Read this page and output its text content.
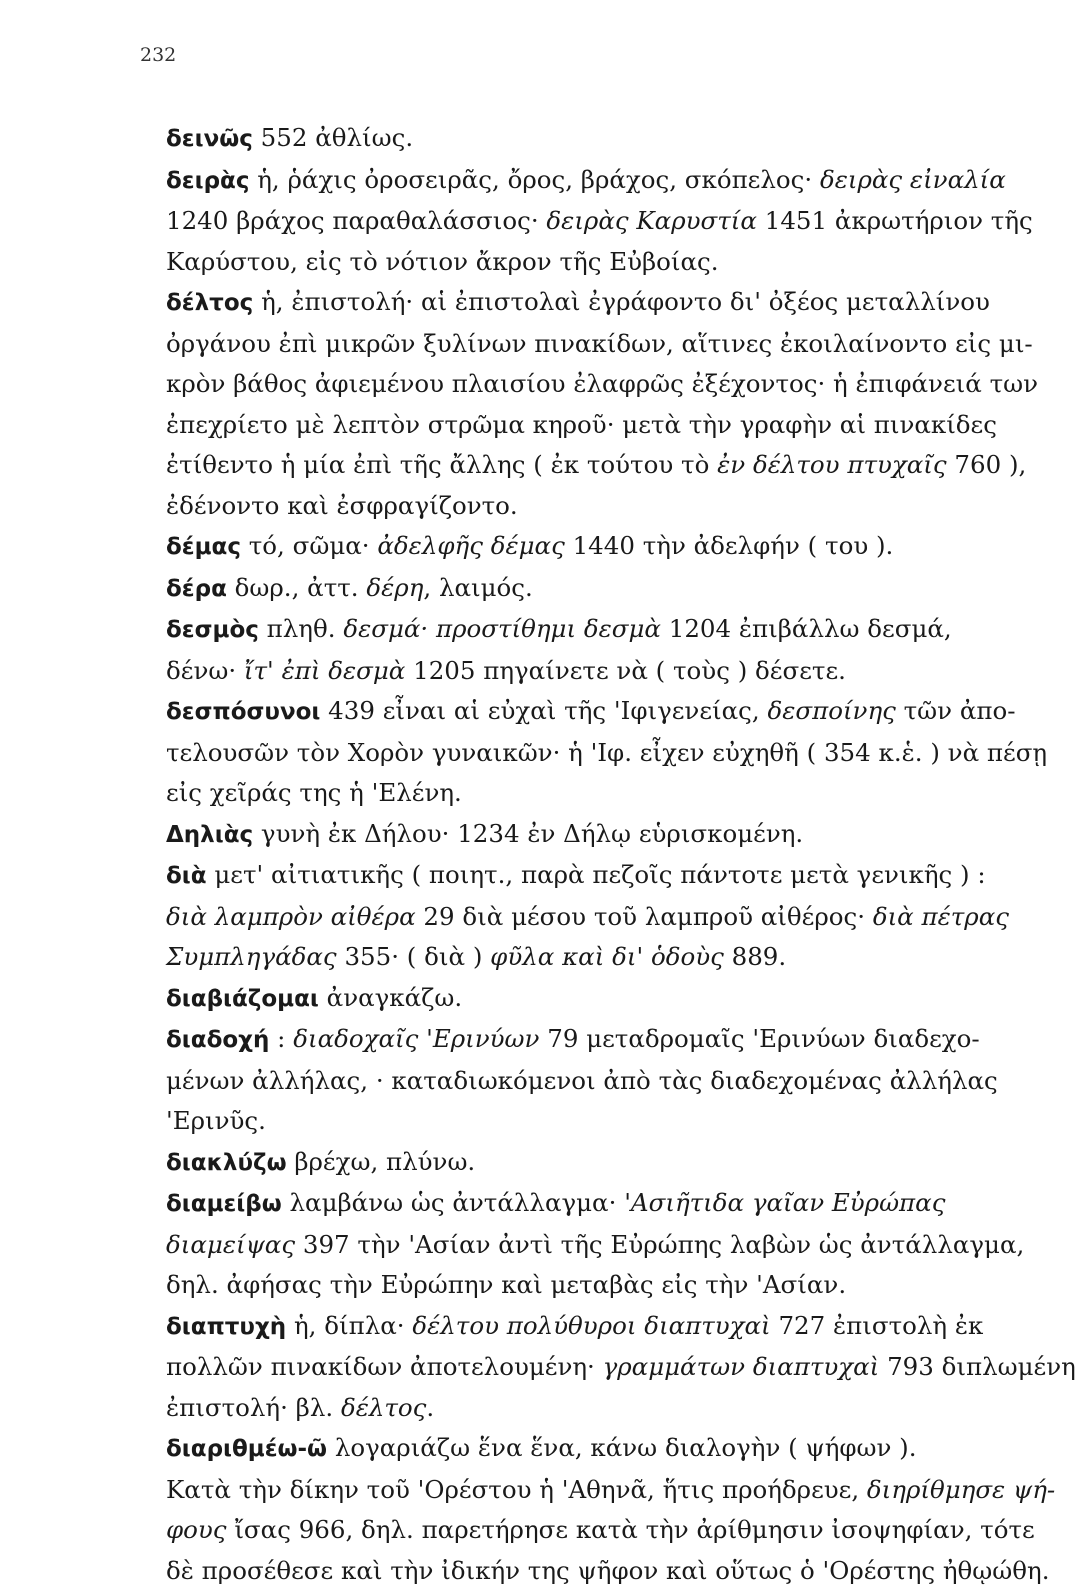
232
δεινῶς 552 ἀθλίως.
δειρὰς ἡ, ῥάχις ὀροσειρᾶς, ὄρος, βράχος, σκόπελος· δειρὰς εἰναλία
1240 βράχος παραθαλάσσιος· δειρὰς Καρυστία 1451 ἀκρωτήριον τῆς
Καρύστου, εἰς τὸ νότιον ἄκρον τῆς Εὐβοίας.
δέλτος ἡ, ἐπιστολή· αἱ ἐπιστολαὶ ἐγράφοντο δι' ὀξέος μεταλλίνου
ὀργάνου ἐπὶ μικρῶν ξυλίνων πινακίδων, αἵτινες ἐκοιλαίνοντο εἰς μι-
κρὸν βάθος ἀφιεμένου πλαισίου ἐλαφρῶς ἐξέχοντος· ἡ ἐπιφάνειά των
ἐπεχρίετο μὲ λεπτὸν στρῶμα κηροῦ· μετὰ τὴν γραφὴν αἱ πινακίδες
ἐτίθεντο ἡ μία ἐπὶ τῆς ἄλλης ( ἐκ τούτου τὸ ἐν δέλτου πτυχαῖς 760 ),
ἐδένοντο καὶ ἐσφραγίζοντο.
δέμας τό, σῶμα· ἀδελφῆς δέμας 1440 τὴν ἀδελφήν ( του ).
δέρα δωρ., ἀττ. δέρη, λαιμός.
δεσμὸς πληθ. δεσμά· προστίθημι δεσμὰ 1204 ἐπιβάλλω δεσμά,
δένω· ἴτ' ἐπὶ δεσμὰ 1205 πηγαίνετε νὰ ( τοὺς ) δέσετε.
δεσπόσυνοι 439 εἶναι αἱ εὐχαὶ τῆς 'Ιφιγενείας, δεσποίνης τῶν ἀπο-
τελουσῶν τὸν Χορὸν γυναικῶν· ἡ 'Ιφ. εἶχεν εὐχηθῆ ( 354 κ.ἑ. ) νὰ πέσῃ
εἰς χεῖράς της ἡ 'Ελένη.
Δηλιὰς γυνὴ ἐκ Δήλου· 1234 ἐν Δήλῳ εὑρισκομένη.
διὰ μετ' αἰτιατικῆς ( ποιητ., παρὰ πεζοῖς πάντοτε μετὰ γενικῆς ) :
διὰ λαμπρὸν αἰθέρα 29 διὰ μέσου τοῦ λαμπροῦ αἰθέρος· διὰ πέτρας
Συμπληγάδας 355· ( διὰ ) φῦλα καὶ δι' ὁδοὺς 889.
διαβιάζομαι ἀναγκάζω.
διαδοχή : διαδοχαῖς 'Ερινύων 79 μεταδρομαῖς 'Ερινύων διαδεχο-
μένων ἀλλήλας, · καταδιωκόμενοι ἀπὸ τὰς διαδεχομένας ἀλλήλας
'Ερινῦς.
διακλύζω βρέχω, πλύνω.
διαμείβω λαμβάνω ὡς ἀντάλλαγμα· 'Ασιῆτιδα γαῖαν Εὐρώπας
διαμείψας 397 τὴν 'Ασίαν ἀντὶ τῆς Εὐρώπης λαβὼν ὡς ἀντάλλαγμα,
δηλ. ἀφήσας τὴν Εὐρώπην καὶ μεταβὰς εἰς τὴν 'Ασίαν.
διαπτυχὴ ἡ, δίπλα· δέλτου πολύθυροι διαπτυχαὶ 727 ἐπιστολὴ ἐκ
πολλῶν πινακίδων ἀποτελουμένη· γραμμάτων διαπτυχαὶ 793 διπλωμένη
ἐπιστολή· βλ. δέλτος.
διαριθμέω-ῶ λογαριάζω ἕνα ἕνα, κάνω διαλογὴν ( ψήφων ).
Κατὰ τὴν δίκην τοῦ 'Ορέστου ἡ 'Αθηνᾶ, ἥτις προήδρευε, διηρίθμησε ψή-
φους ἴσας 966, δηλ. παρετήρησε κατὰ τὴν ἀρίθμησιν ἰσοψηφίαν, τότε
δὲ προσέθεσε καὶ τὴν ἰδικήν της ψῆφον καὶ οὕτως ὁ 'Ορέστης ἠθῳώθη.
